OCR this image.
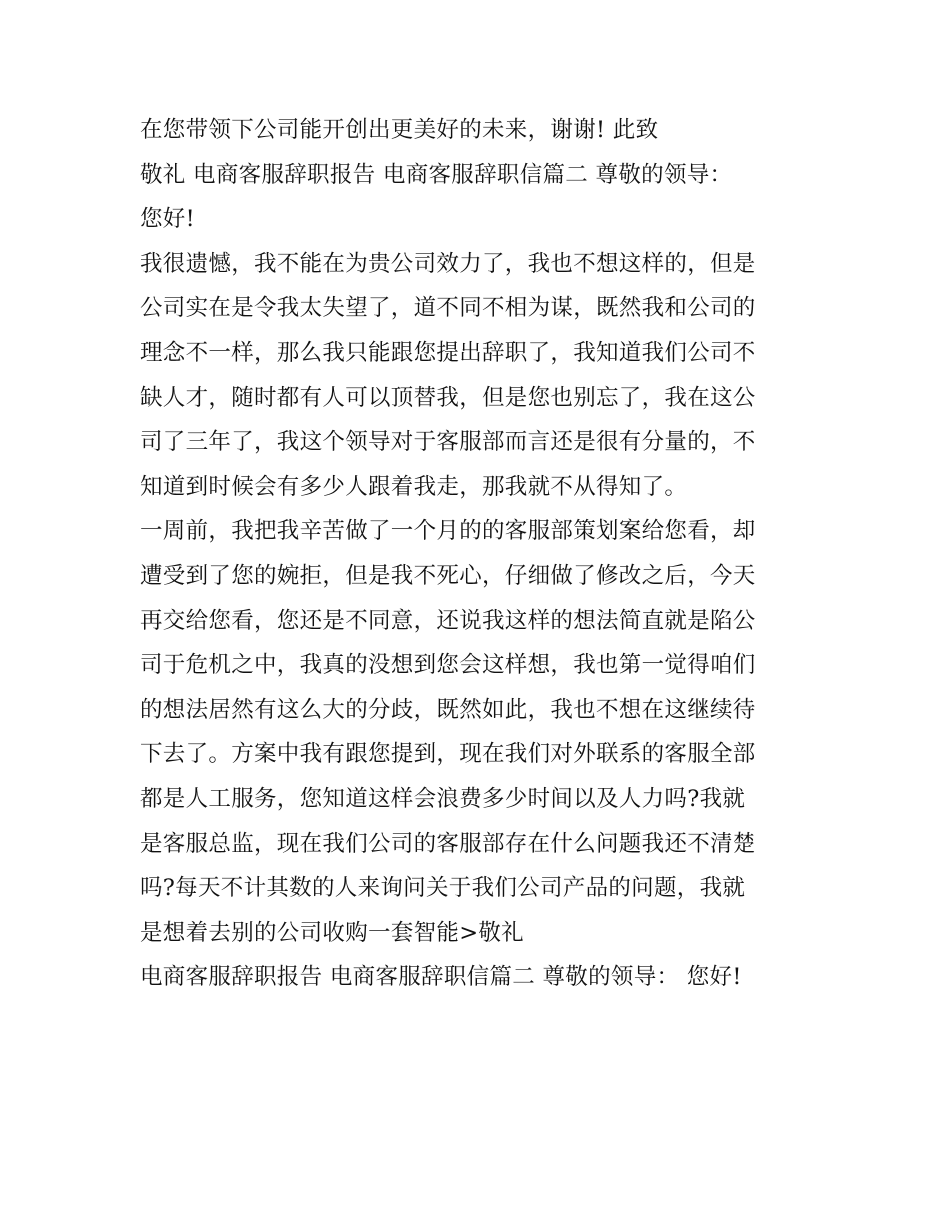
在您带领下公司能开创出更美好的未来，谢谢! 此致
敬礼 电商客服辞职报告 电商客服辞职信篇二 尊敬的领导：
您好!
我很遗憾，我不能在为贵公司效力了，我也不想这样的，但是
公司实在是令我太失望了，道不同不相为谋，既然我和公司的
理念不一样，那么我只能跟您提出辞职了，我知道我们公司不
缺人才，随时都有人可以顶替我，但是您也别忘了，我在这公
司了三年了，我这个领导对于客服部而言还是很有分量的，不
知道到时候会有多少人跟着我走，那我就不从得知了。
一周前，我把我辛苦做了一个月的的客服部策划案给您看，却
遭受到了您的婉拒，但是我不死心，仔细做了修改之后，今天
再交给您看，您还是不同意，还说我这样的想法简直就是陷公
司于危机之中，我真的没想到您会这样想，我也第一觉得咱们
的想法居然有这么大的分歧，既然如此，我也不想在这继续待
下去了。方案中我有跟您提到，现在我们对外联系的客服全部
都是人工服务，您知道这样会浪费多少时间以及人力吗?我就
是客服总监，现在我们公司的客服部存在什么问题我还不清楚
吗?每天不计其数的人来询问关于我们公司产品的问题，我就
是想着去别的公司收购一套智能>敬礼
电商客服辞职报告 电商客服辞职信篇二 尊敬的领导： 您好!
